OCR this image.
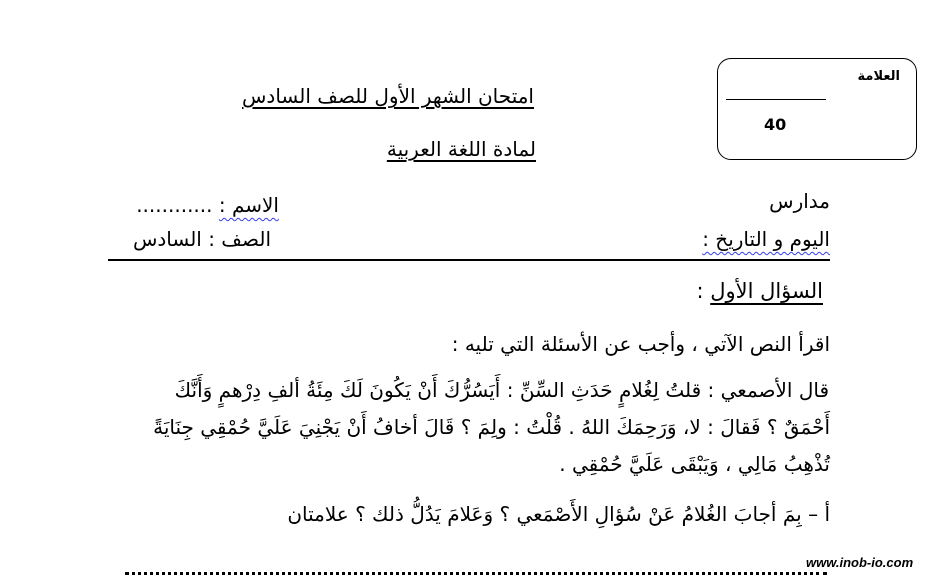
العلامة
40
امتحان الشهر الأول للصف السادس
لمادة اللغة العربية
مدارس
الاسم : ............
اليوم و التاريخ :
الصف : السادس
السؤال الأول :
اقرأ النص الآتي ، وأجب عن الأسئلة التي تليه :
قال الأصمعي : قلتُ لِغُلامٍ حَدَثِ السِّنِّ : أَيَسُرُّكَ أَنْ يَكُونَ لَكَ مِئَةُ ألفِ دِرْهمٍ وَأَنَّكَ
أَحْمَقٌ ؟ فَقالَ : لا، وَرَحِمَكَ اللهُ . قُلْتُ : ولِمَ ؟ قَالَ أخافُ أَنْ يَجْنِيَ عَلَيَّ حُمْقِي جِنَايَةً
تُذْهِبُ مَالِي ، وَيَبْقَى عَلَيَّ حُمْقِي .
أ – بِمَ أجابَ الغُلامُ عَنْ سُؤالِ الأَصْمَعي ؟ وَعَلامَ يَدُلُّ ذلك ؟ علامتان
www.inob-io.com
